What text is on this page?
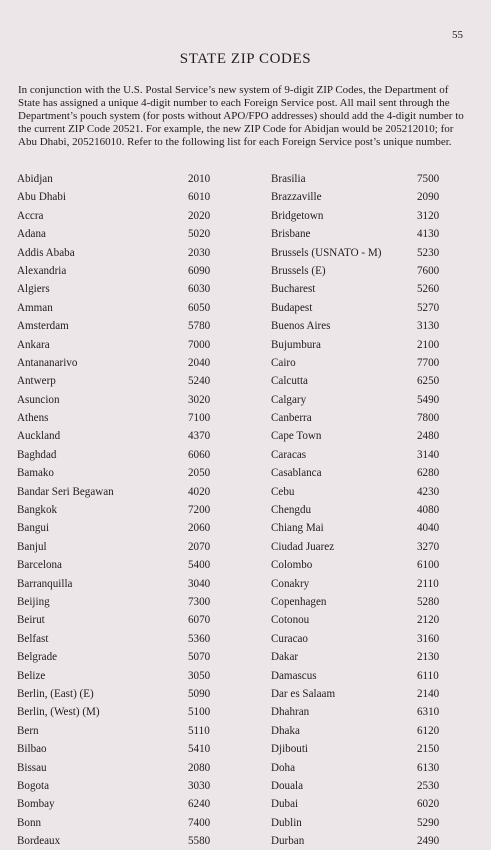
55
STATE ZIP CODES
In conjunction with the U.S. Postal Service’s new system of 9-digit ZIP Codes, the Department of State has assigned a unique 4-digit number to each Foreign Service post. All mail sent through the Department’s pouch system (for posts without APO/FPO addresses) should add the 4-digit number to the current ZIP Code 20521. For example, the new ZIP Code for Abidjan would be 205212010; for Abu Dhabi, 205216010. Refer to the following list for each Foreign Service post’s unique number.
Abidjan	2010
Abu Dhabi	6010
Accra	2020
Adana	5020
Addis Ababa	2030
Alexandria	6090
Algiers	6030
Amman	6050
Amsterdam	5780
Ankara	7000
Antananarivo	2040
Antwerp	5240
Asuncion	3020
Athens	7100
Auckland	4370
Baghdad	6060
Bamako	2050
Bandar Seri Begawan	4020
Bangkok	7200
Bangui	2060
Banjul	2070
Barcelona	5400
Barranquilla	3040
Beijing	7300
Beirut	6070
Belfast	5360
Belgrade	5070
Belize	3050
Berlin, (East) (E)	5090
Berlin, (West) (M)	5100
Bern	5110
Bilbao	5410
Bissau	2080
Bogota	3030
Bombay	6240
Bonn	7400
Bordeaux	5580
Brasilia	7500
Brazzaville	2090
Bridgetown	3120
Brisbane	4130
Brussels (USNATO - M)	5230
Brussels (E)	7600
Bucharest	5260
Budapest	5270
Buenos Aires	3130
Bujumbura	2100
Cairo	7700
Calcutta	6250
Calgary	5490
Canberra	7800
Cape Town	2480
Caracas	3140
Casablanca	6280
Cebu	4230
Chengdu	4080
Chiang Mai	4040
Ciudad Juarez	3270
Colombo	6100
Conakry	2110
Copenhagen	5280
Cotonou	2120
Curacao	3160
Dakar	2130
Damascus	6110
Dar es Salaam	2140
Dhahran	6310
Dhaka	6120
Djibouti	2150
Doha	6130
Douala	2530
Dubai	6020
Dublin	5290
Durban	2490
